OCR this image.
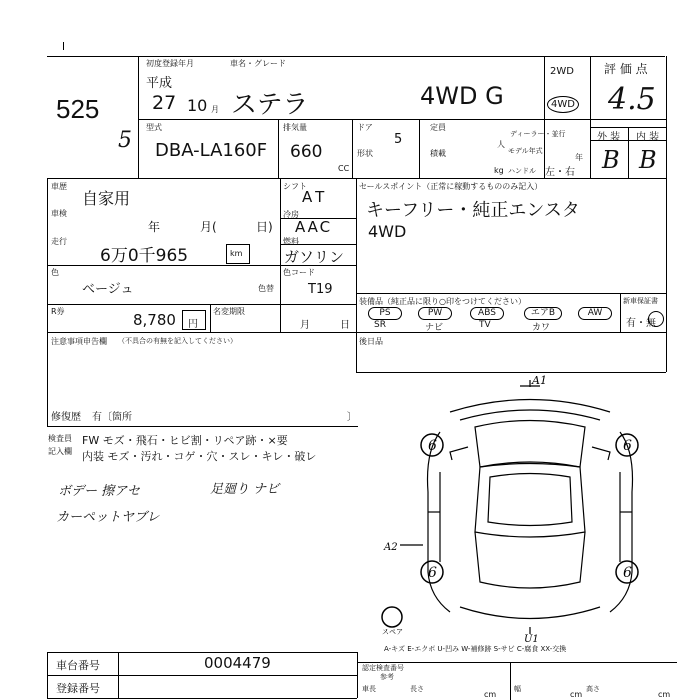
525
5
初度登録年月	車名・グレード
平成
27 10 月 ステラ	4WD G
2WD
4WD
評 価 点
4.5
外 装 内 装
B B
型式
DBA-LA160F
排気量
660
CC
ドア
5
形状
定員
積載
人
kg
ディーラー・並行
モデル年式
年
ハンドル 左・右
車歴
自家用
車検
年	月(	日)
走行
6万0千965	km
シフト
AT
冷房
AAC
燃料
ガソリン
色
ベージュ	色替
色コード
T19
R券	8,780 円
名変期限
月	日
セールスポイント（正常に稼動するもののみ記入）
キーフリー・純正エンスタ
4WD
装備品（純正品に限り○印をつけてください）
PS	PW	ABS	エアB	AW
SR	ナビ	TV	カワ
新車保証書
有・無
後日品
注意事項申告欄 （不具合の有無を記入してください）
修復歴 有〔箇所	〕
検査員
記入欄
FW モズ・飛石・ヒビ割・リペア跡・×要
内装 モズ・汚れ・コゲ・穴・スレ・キレ・破レ
ボデー 擦アセ	足廻り ナビ
カーペットヤブレ
6	6
6	6
A1
A2
U1
スペア
A-キズ E-エクボ U-凹み W-補修跡 S-サビ C-腐食 XX-交換
車台番号	0004479
登録番号
認定検査番号
参考
車長	長さ
cm
幅
cm
高さ
cm
